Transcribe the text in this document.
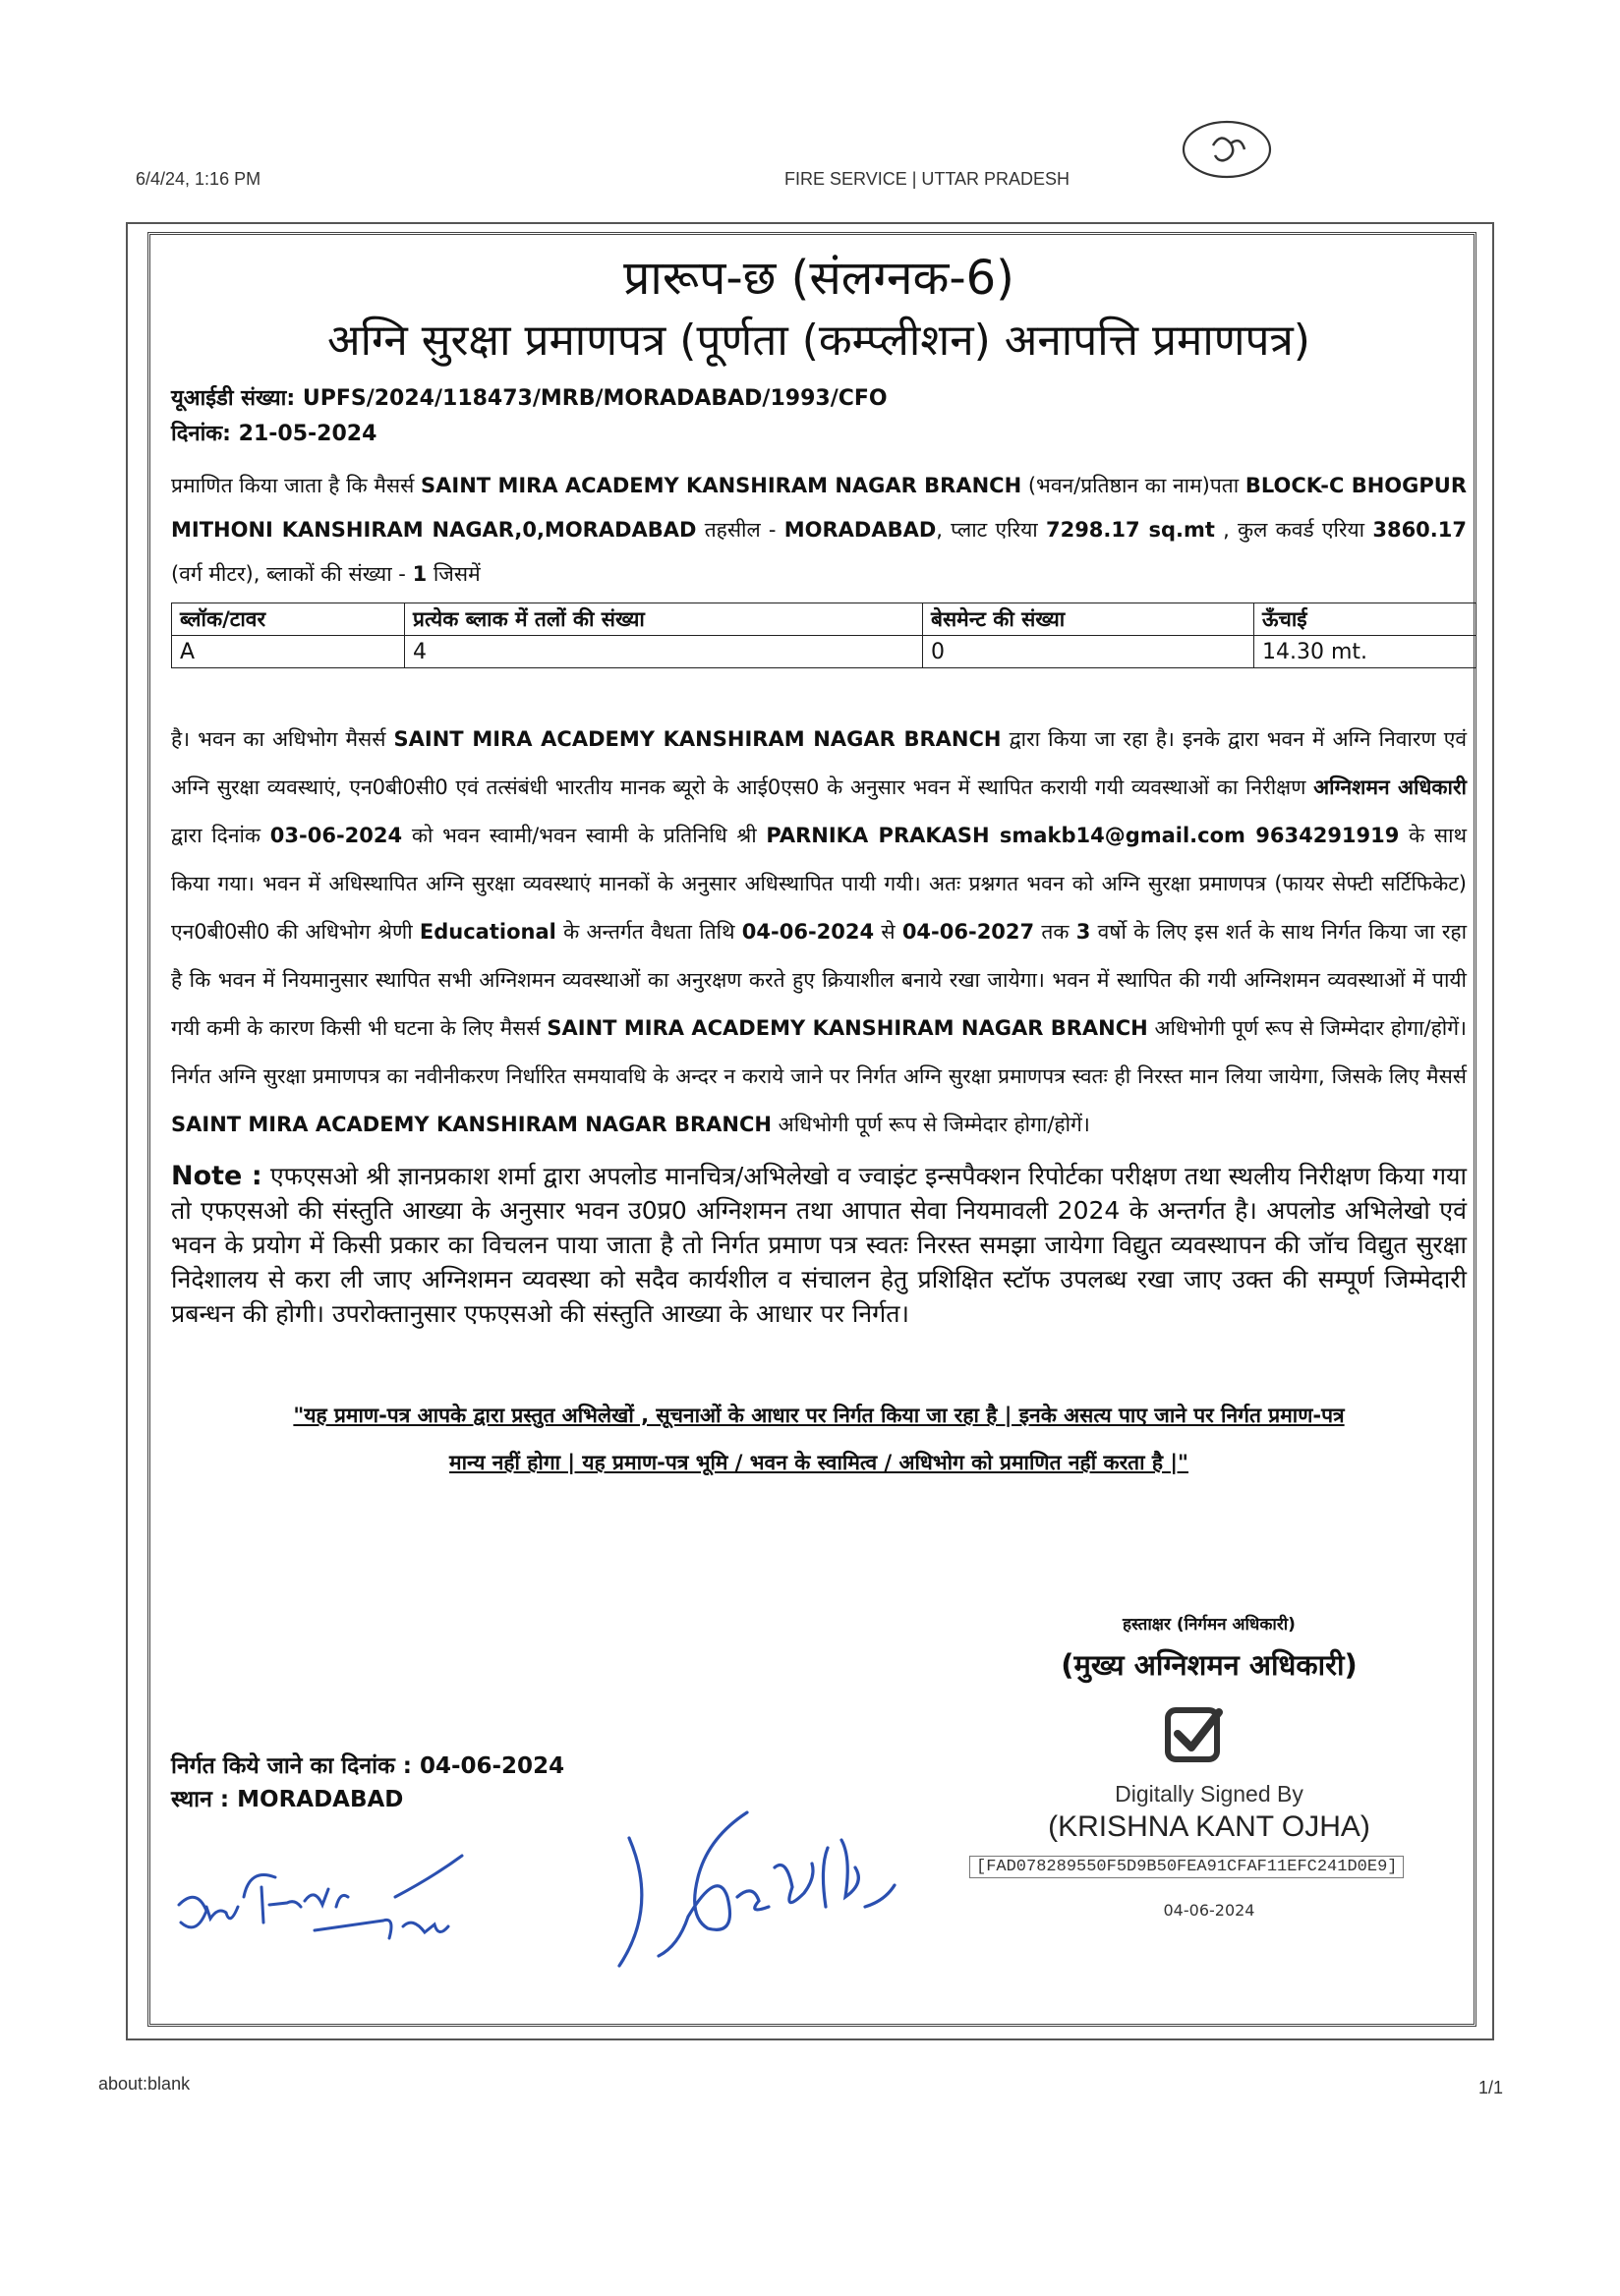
6/4/24, 1:16 PM	FIRE SERVICE | UTTAR PRADESH
प्रारूप-छ (संलग्नक-6)
अग्नि सुरक्षा प्रमाणपत्र (पूर्णता (कम्प्लीशन) अनापत्ति प्रमाणपत्र)
यूआईडी संख्या: UPFS/2024/118473/MRB/MORADABAD/1993/CFO
दिनांक: 21-05-2024
प्रमाणित किया जाता है कि मैसर्स SAINT MIRA ACADEMY KANSHIRAM NAGAR BRANCH (भवन/प्रतिष्ठान का नाम)पता BLOCK-C BHOGPUR MITHONI KANSHIRAM NAGAR,0,MORADABAD तहसील - MORADABAD, प्लाट एरिया 7298.17 sq.mt , कुल कवर्ड एरिया 3860.17 (वर्ग मीटर), ब्लाकों की संख्या - 1 जिसमें
ब्लॉक/टावर	प्रत्येक ब्लाक में तलों की संख्या	बेसमेन्ट की संख्या	ऊँचाई
A	4	0	14.30 mt.
है। भवन का अधिभोग मैसर्स SAINT MIRA ACADEMY KANSHIRAM NAGAR BRANCH द्वारा किया जा रहा है। इनके द्वारा भवन में अग्नि निवारण एवं अग्नि सुरक्षा व्यवस्थाएं, एन0बी0सी0 एवं तत्संबंधी भारतीय मानक ब्यूरो के आई0एस0 के अनुसार भवन में स्थापित करायी गयी व्यवस्थाओं का निरीक्षण अग्निशमन अधिकारी द्वारा दिनांक 03-06-2024 को भवन स्वामी/भवन स्वामी के प्रतिनिधि श्री PARNIKA PRAKASH smakb14@gmail.com 9634291919 के साथ किया गया। भवन में अधिस्थापित अग्नि सुरक्षा व्यवस्थाएं मानकों के अनुसार अधिस्थापित पायी गयी। अतः प्रश्नगत भवन को अग्नि सुरक्षा प्रमाणपत्र (फायर सेफ्टी सर्टिफिकेट) एन0बी0सी0 की अधिभोग श्रेणी Educational के अन्तर्गत वैधता तिथि 04-06-2024 से 04-06-2027 तक 3 वर्षो के लिए इस शर्त के साथ निर्गत किया जा रहा है कि भवन में नियमानुसार स्थापित सभी अग्निशमन व्यवस्थाओं का अनुरक्षण करते हुए क्रियाशील बनाये रखा जायेगा। भवन में स्थापित की गयी अग्निशमन व्यवस्थाओं में पायी गयी कमी के कारण किसी भी घटना के लिए मैसर्स SAINT MIRA ACADEMY KANSHIRAM NAGAR BRANCH अधिभोगी पूर्ण रूप से जिम्मेदार होगा/होगें। निर्गत अग्नि सुरक्षा प्रमाणपत्र का नवीनीकरण निर्धारित समयावधि के अन्दर न कराये जाने पर निर्गत अग्नि सुरक्षा प्रमाणपत्र स्वतः ही निरस्त मान लिया जायेगा, जिसके लिए मैसर्स SAINT MIRA ACADEMY KANSHIRAM NAGAR BRANCH अधिभोगी पूर्ण रूप से जिम्मेदार होगा/होगें।
Note : एफएसओ श्री ज्ञानप्रकाश शर्मा द्वारा अपलोड मानचित्र/अभिलेखो व ज्वाइंट इन्सपैक्शन रिपोर्टका परीक्षण तथा स्थलीय निरीक्षण किया गया तो एफएसओ की संस्तुति आख्या के अनुसार भवन उ0प्र0 अग्निशमन तथा आपात सेवा नियमावली 2024 के अन्तर्गत है। अपलोड अभिलेखो एवं भवन के प्रयोग में किसी प्रकार का विचलन पाया जाता है तो निर्गत प्रमाण पत्र स्वतः निरस्त समझा जायेगा विद्युत व्यवस्थापन की जॉच विद्युत सुरक्षा निदेशालय से करा ली जाए अग्निशमन व्यवस्था को सदैव कार्यशील व संचालन हेतु प्रशिक्षित स्टॉफ उपलब्ध रखा जाए उक्त की सम्पूर्ण जिम्मेदारी प्रबन्धन की होगी। उपरोक्तानुसार एफएसओ की संस्तुति आख्या के आधार पर निर्गत।
"यह प्रमाण-पत्र आपके द्वारा प्रस्तुत अभिलेखों , सूचनाओं के आधार पर निर्गत किया जा रहा है | इनके असत्य पाए जाने पर निर्गत प्रमाण-पत्र
मान्य नहीं होगा | यह प्रमाण-पत्र भूमि / भवन के स्वामित्व / अधिभोग को प्रमाणित नहीं करता है |"
हस्ताक्षर (निर्गमन अधिकारी)
(मुख्य अग्निशमन अधिकारी)
Digitally Signed By
(KRISHNA KANT OJHA)
[FAD078289550F5D9B50FEA91CFAF11EFC241D0E9]
04-06-2024
निर्गत किये जाने का दिनांक : 04-06-2024
स्थान : MORADABAD
about:blank	1/1
